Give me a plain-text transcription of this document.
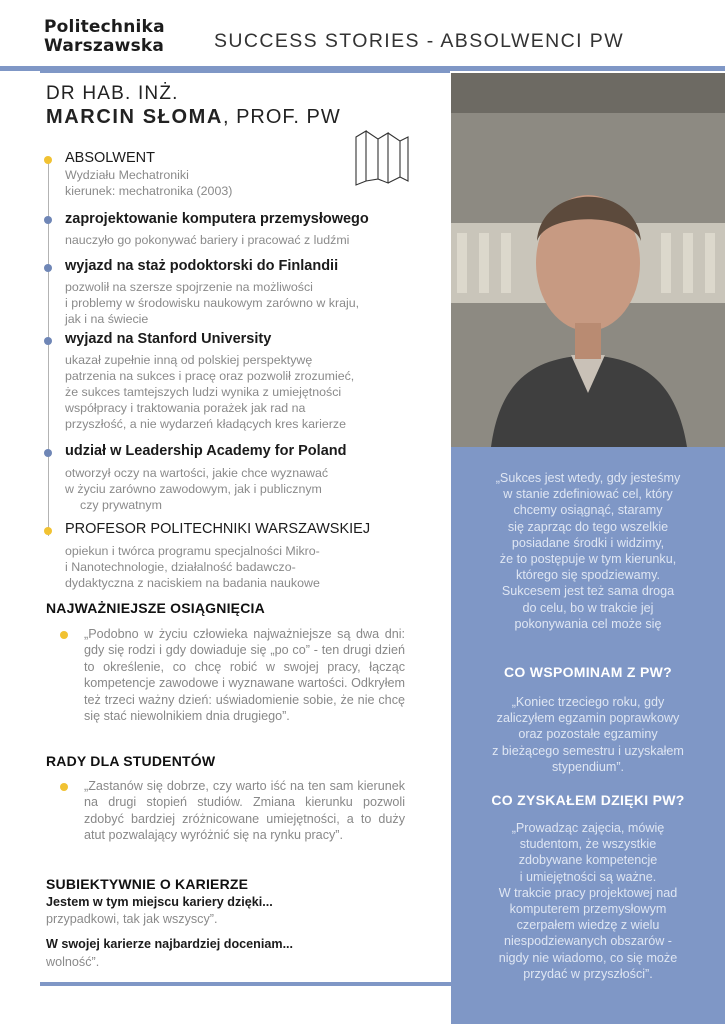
Politechnika
Warszawska	SUCCESS STORIES - ABSOLWENCI PW
DR HAB. INŻ.
MARCIN SŁOMA, PROF. PW
ABSOLWENT
Wydziału Mechatroniki
kierunek: mechatronika (2003)
zaprojektowanie komputera przemysłowego
nauczyło go pokonywać bariery i pracować z ludźmi
wyjazd na staż podoktorski do Finlandii
pozwolił na szersze spojrzenie na możliwości
i problemy w środowisku naukowym zarówno w kraju,
jak i na świecie
wyjazd na Stanford University
ukazał zupełnie inną od polskiej perspektywę
patrzenia na sukces i pracę oraz pozwolił zrozumieć,
że sukces tamtejszych ludzi wynika z umiejętności
współpracy i traktowania porażek jak rad na
przyszłość, a nie wydarzeń kładących kres karierze
udział w Leadership Academy for Poland
otworzył oczy na wartości, jakie chce wyznawać
w życiu zarówno zawodowym, jak i publicznym
czy prywatnym
PROFESOR POLITECHNIKI WARSZAWSKIEJ
opiekun i twórca programu specjalności Mikro-
i Nanotechnologie, działalność badawczo-
dydaktyczna z naciskiem na badania naukowe
NAJWAŻNIEJSZE OSIĄGNIĘCIA
„Podobno w życiu człowieka najważniejsze są dwa dni: gdy się rodzi i gdy dowiaduje się „po co” - ten drugi dzień to określenie, co chcę robić w swojej pracy, łącząc kompetencje zawodowe i wyznawane wartości. Odkryłem też trzeci ważny dzień: uświadomienie sobie, że nie chcę się stać niewolnikiem dnia drugiego”.
RADY DLA STUDENTÓW
„Zastanów się dobrze, czy warto iść na ten sam kierunek na drugi stopień studiów. Zmiana kierunku pozwoli zdobyć bardziej zróżnicowane umiejętności, a to duży atut pozwalający wyróżnić się na rynku pracy”.
SUBIEKTYWNIE O KARIERZE
Jestem w tym miejscu kariery dzięki...
przypadkowi, tak jak wszyscy”.
W swojej karierze najbardziej doceniam...
wolność”.
„Sukces jest wtedy, gdy jesteśmy
w stanie zdefiniować cel, który
chcemy osiągnąć, staramy
się zaprząc do tego wszelkie
posiadane środki i widzimy,
że to postępuje w tym kierunku,
którego się spodziewamy.
Sukcesem jest też sama droga
do celu, bo w trakcie jej
pokonywania cel może się
CO WSPOMINAM Z PW?
„Koniec trzeciego roku, gdy
zaliczyłem egzamin poprawkowy
oraz pozostałe egzaminy
z bieżącego semestru i uzyskałem
stypendium”.
CO ZYSKAŁEM DZIĘKI PW?
„Prowadząc zajęcia, mówię
studentom, że wszystkie
zdobywane kompetencje
i umiejętności są ważne.
W trakcie pracy projektowej nad
komputerem przemysłowym
czerpałem wiedzę z wielu
niespodziewanych obszarów -
nigdy nie wiadomo, co się może
przydać w przyszłości”.
